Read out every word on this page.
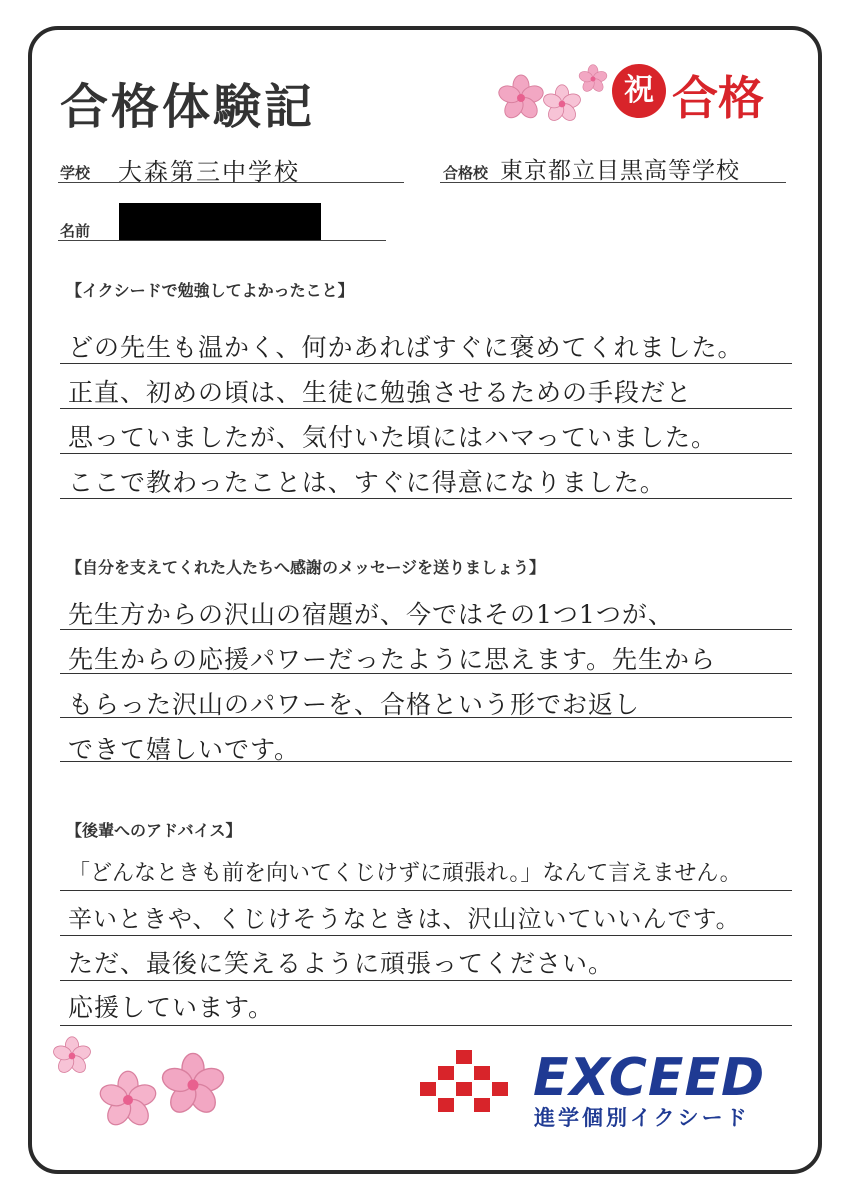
合格体験記	祝 合格
学校 大森第三中学校	合格校 東京都立目黒高等学校
名前
【イクシードで勉強してよかったこと】
どの先生も温かく、何かあればすぐに褒めてくれました。
正直、初めの頃は、生徒に勉強させるための手段だと
思っていましたが、気付いた頃にはハマっていました。
ここで教わったことは、すぐに得意になりました。
【自分を支えてくれた人たちへ感謝のメッセージを送りましょう】
先生方からの沢山の宿題が、今ではその1つ1つが、
先生からの応援パワーだったように思えます。先生から
もらった沢山のパワーを、合格という形でお返し
できて嬉しいです。
【後輩へのアドバイス】
「どんなときも前を向いてくじけずに頑張れ。」なんて言えません。
辛いときや、くじけそうなときは、沢山泣いていいんです。
ただ、最後に笑えるように頑張ってください。
応援しています。
EXCEED
進学個別イクシード
